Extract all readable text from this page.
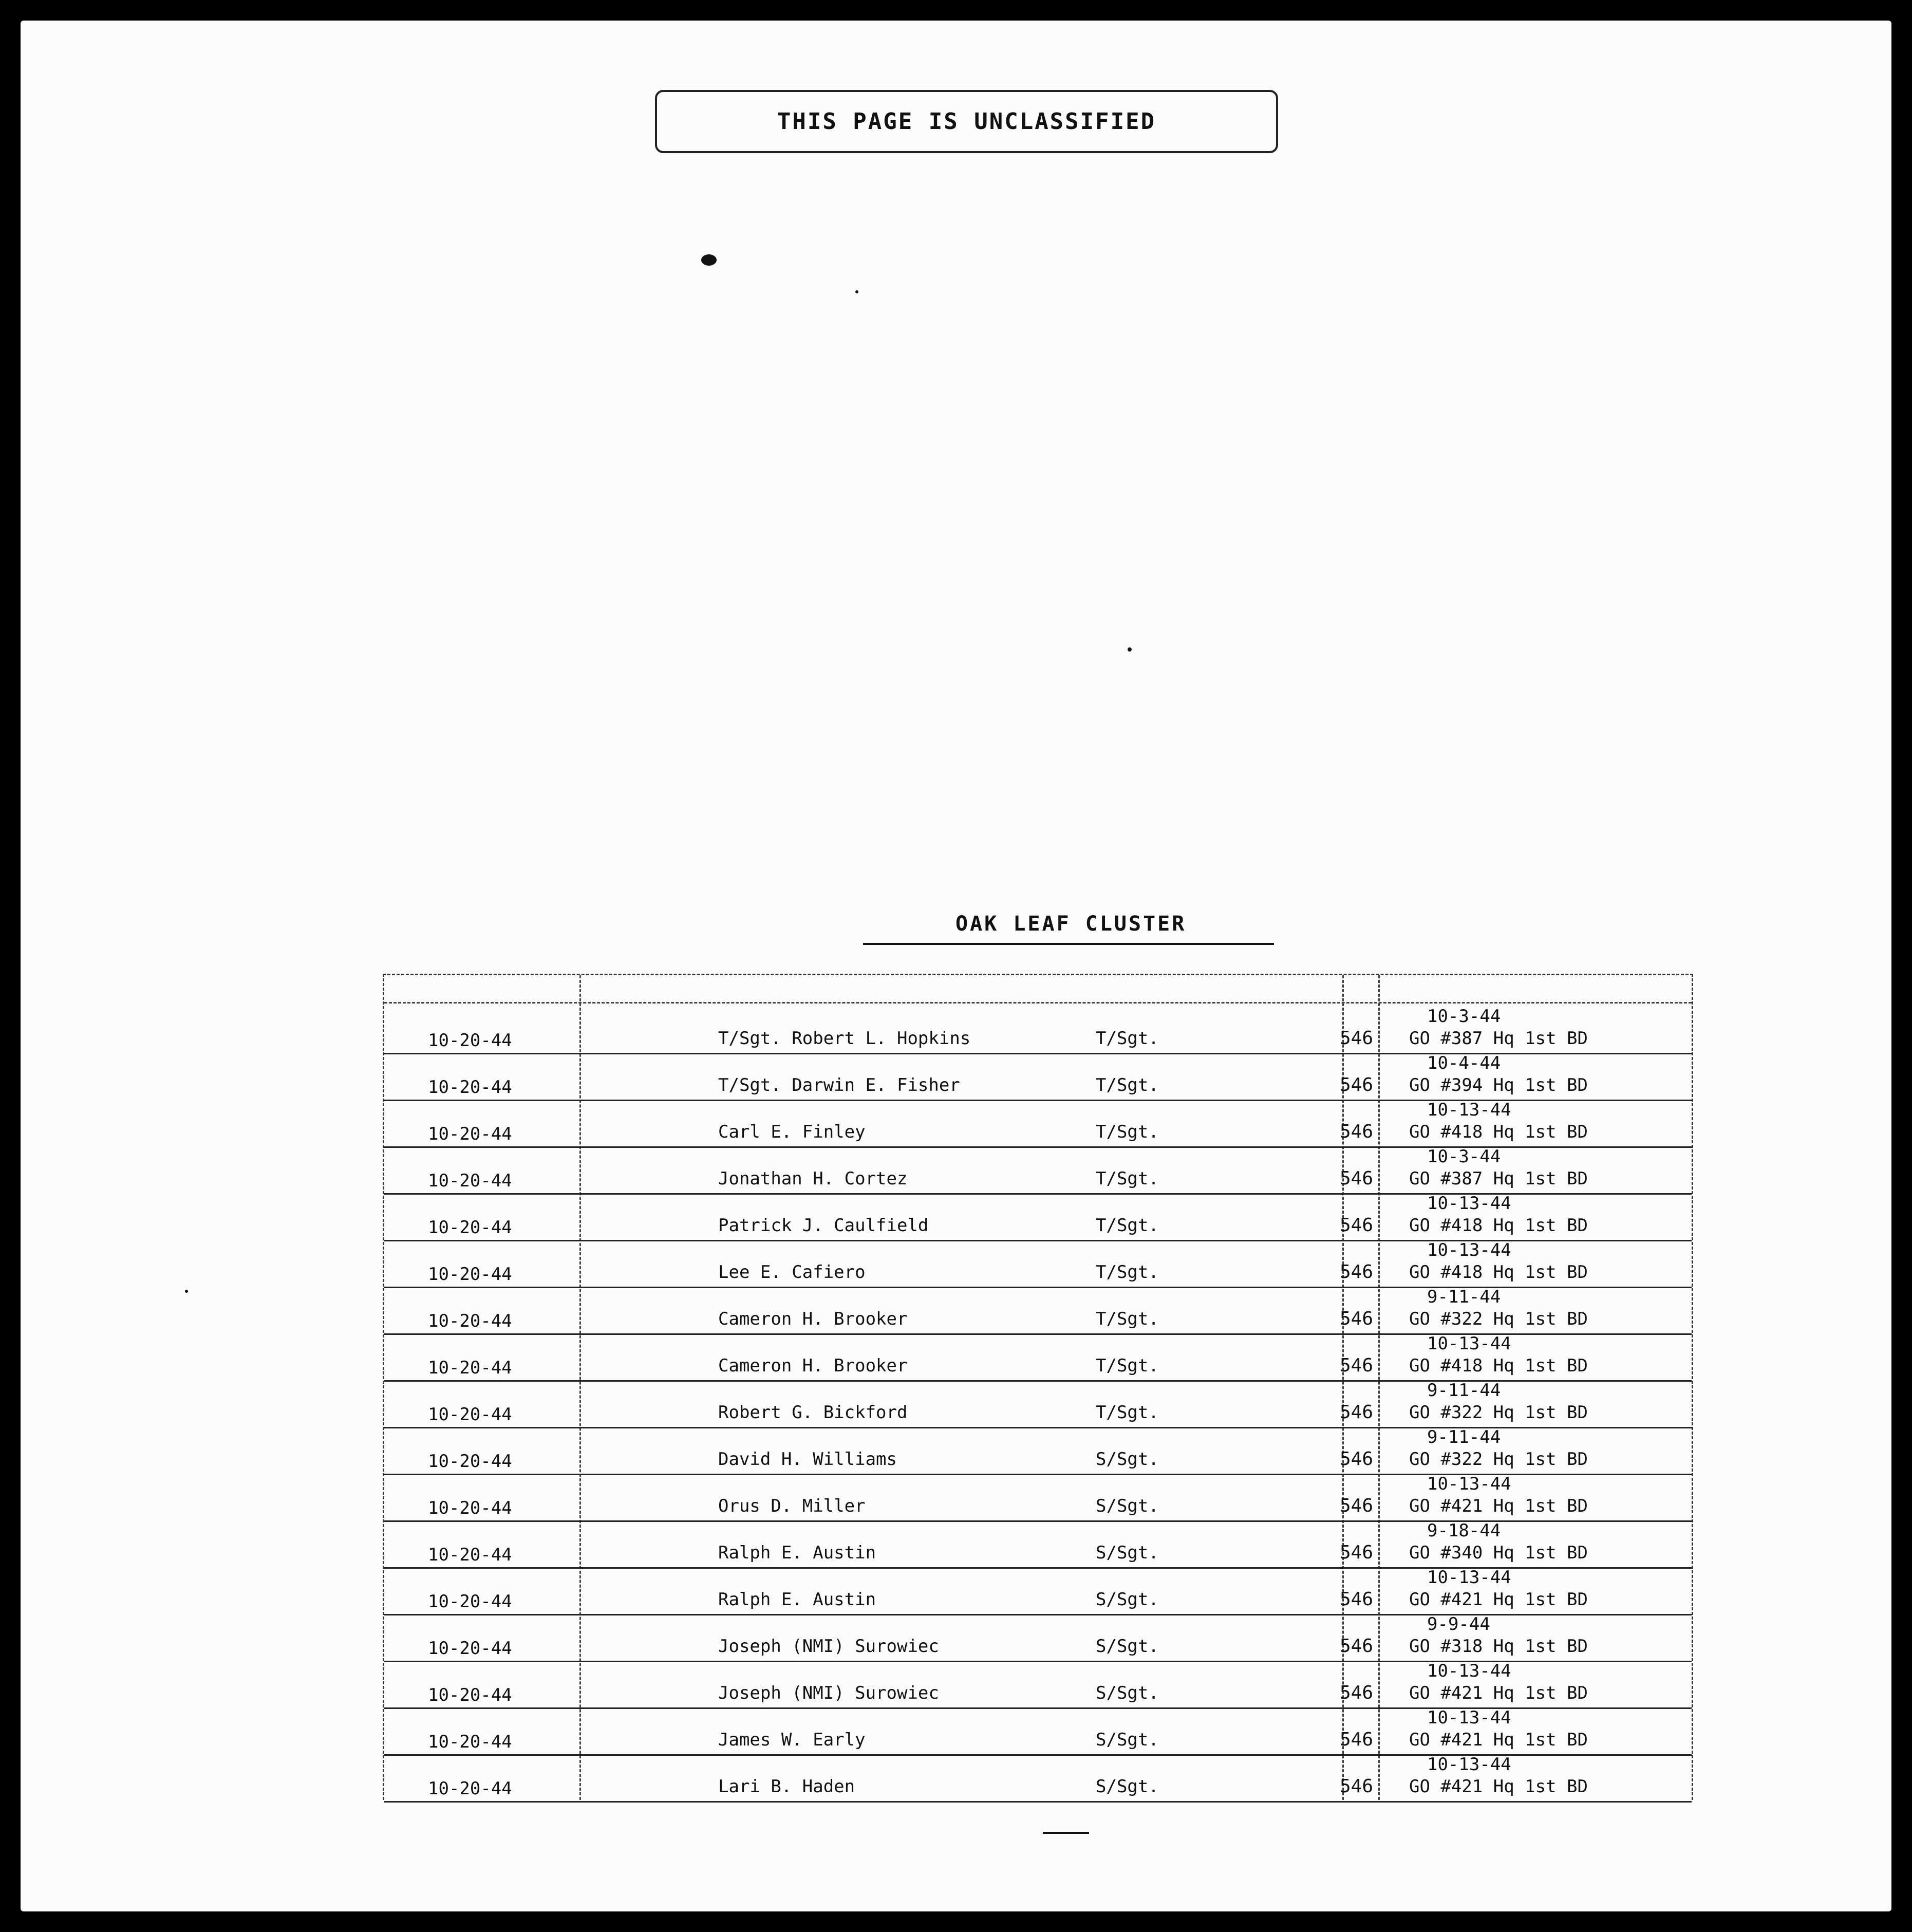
THIS PAGE IS UNCLASSIFIED
OAK LEAF CLUSTER
10-20-44	T/Sgt. Robert L. Hopkins	T/Sgt.	546
10-3-44
GO #387 Hq 1st BD
10-20-44	T/Sgt. Darwin E. Fisher	T/Sgt.	546
10-4-44
GO #394 Hq 1st BD
10-20-44	Carl E. Finley	T/Sgt.	546
10-13-44
GO #418 Hq 1st BD
10-20-44	Jonathan H. Cortez	T/Sgt.	546
10-3-44
GO #387 Hq 1st BD
10-20-44	Patrick J. Caulfield	T/Sgt.	546
10-13-44
GO #418 Hq 1st BD
10-20-44	Lee E. Cafiero	T/Sgt.	546
10-13-44
GO #418 Hq 1st BD
10-20-44	Cameron H. Brooker	T/Sgt.	546
9-11-44
GO #322 Hq 1st BD
10-20-44	Cameron H. Brooker	T/Sgt.	546
10-13-44
GO #418 Hq 1st BD
10-20-44	Robert G. Bickford	T/Sgt.	546
9-11-44
GO #322 Hq 1st BD
10-20-44	David H. Williams	S/Sgt.	546
9-11-44
GO #322 Hq 1st BD
10-20-44	Orus D. Miller	S/Sgt.	546
10-13-44
GO #421 Hq 1st BD
10-20-44	Ralph E. Austin	S/Sgt.	546
9-18-44
GO #340 Hq 1st BD
10-20-44	Ralph E. Austin	S/Sgt.	546
10-13-44
GO #421 Hq 1st BD
10-20-44	Joseph (NMI) Surowiec	S/Sgt.	546
9-9-44
GO #318 Hq 1st BD
10-20-44	Joseph (NMI) Surowiec	S/Sgt.	546
10-13-44
GO #421 Hq 1st BD
10-20-44	James W. Early	S/Sgt.	546
10-13-44
GO #421 Hq 1st BD
10-20-44	Lari B. Haden	S/Sgt.	546
10-13-44
GO #421 Hq 1st BD
